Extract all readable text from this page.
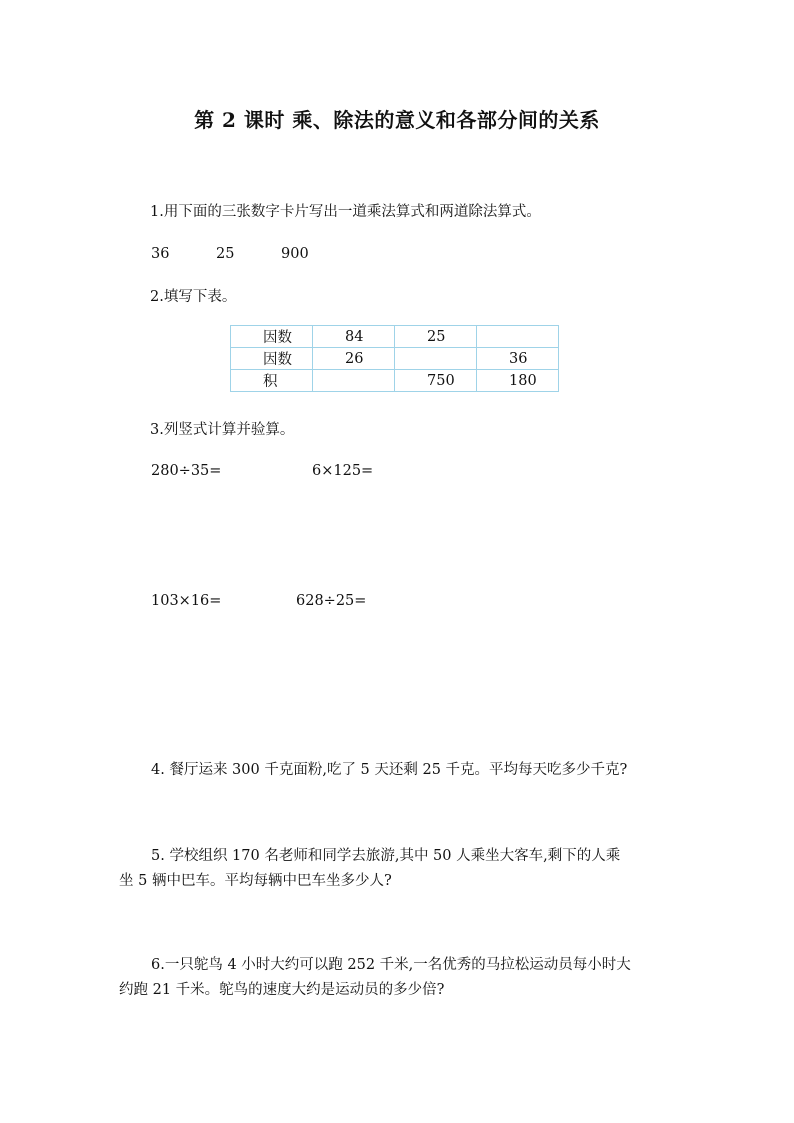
第 2 课时 乘、除法的意义和各部分间的关系
1.用下面的三张数字卡片写出一道乘法算式和两道除法算式。
36	25	900
2.填写下表。
因数	84	25	
因数	26		36
积		750	180
3.列竖式计算并验算。
280÷35=	6×125=
103×16=	628÷25=
4. 餐厅运来 300 千克面粉,吃了 5 天还剩 25 千克。平均每天吃多少千克?
5. 学校组织 170 名老师和同学去旅游,其中 50 人乘坐大客车,剩下的人乘
坐 5 辆中巴车。平均每辆中巴车坐多少人?
6.一只鸵鸟 4 小时大约可以跑 252 千米,一名优秀的马拉松运动员每小时大
约跑 21 千米。鸵鸟的速度大约是运动员的多少倍?
